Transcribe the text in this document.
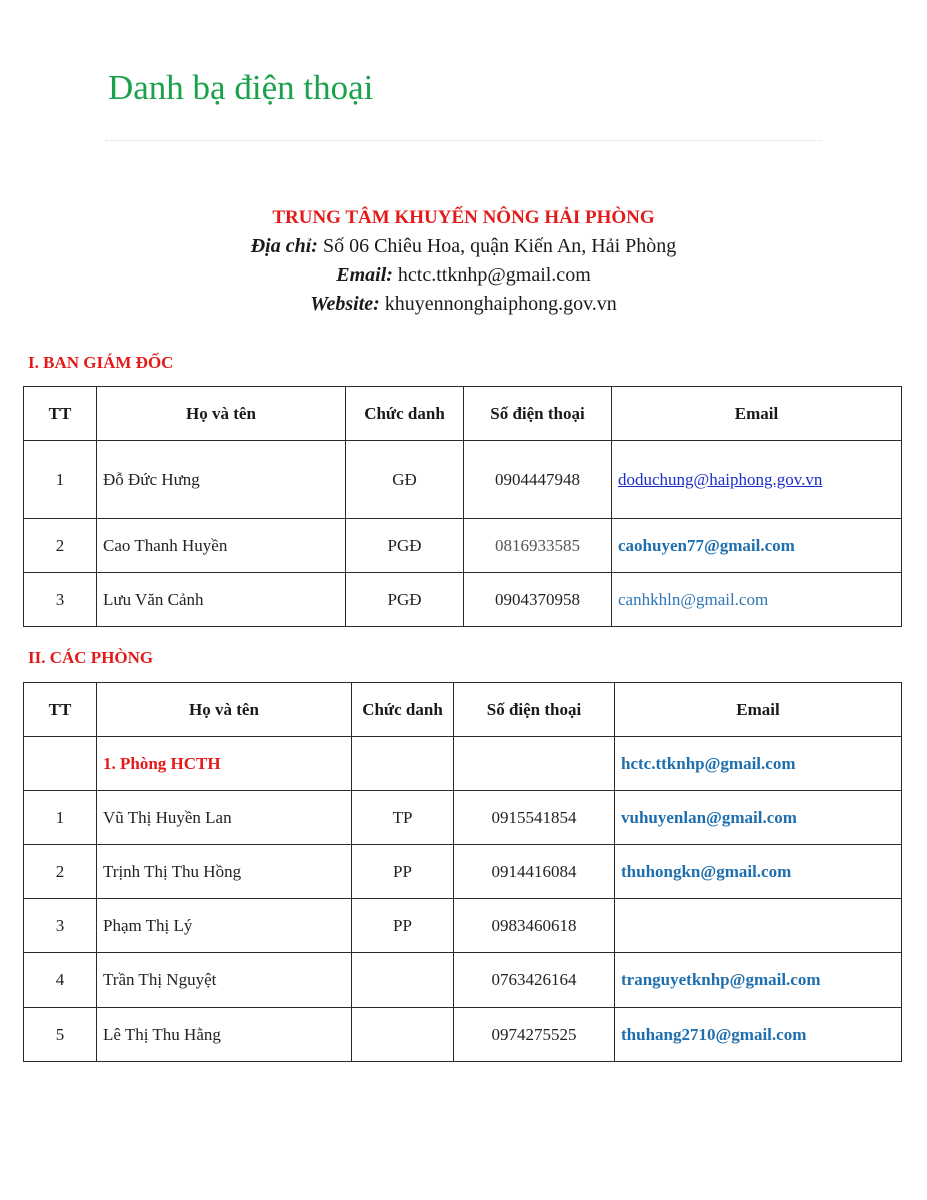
Danh bạ điện thoại
TRUNG TÂM KHUYẾN NÔNG HẢI PHÒNG
Địa chỉ: Số 06 Chiêu Hoa, quận Kiến An, Hải Phòng
Email: hctc.ttknhp@gmail.com
Website: khuyennonghaiphong.gov.vn
I. BAN GIÁM ĐỐC
TT	Họ và tên	Chức danh	Số điện thoại	Email
1	Đỗ Đức Hưng	GĐ	0904447948	doduchung@haiphong.gov.vn
2	Cao Thanh Huyền	PGĐ	0816933585	caohuyen77@gmail.com
3	Lưu Văn Cảnh	PGĐ	0904370958	canhkhln@gmail.com
II. CÁC PHÒNG
TT	Họ và tên	Chức danh	Số điện thoại	Email
	1. Phòng HCTH			hctc.ttknhp@gmail.com
1	Vũ Thị Huyền Lan	TP	0915541854	vuhuyenlan@gmail.com
2	Trịnh Thị Thu Hồng	PP	0914416084	thuhongkn@gmail.com
3	Phạm Thị Lý	PP	0983460618	
4	Trần Thị Nguyệt		0763426164	tranguyetknhp@gmail.com
5	Lê Thị Thu Hằng		0974275525	thuhang2710@gmail.com
